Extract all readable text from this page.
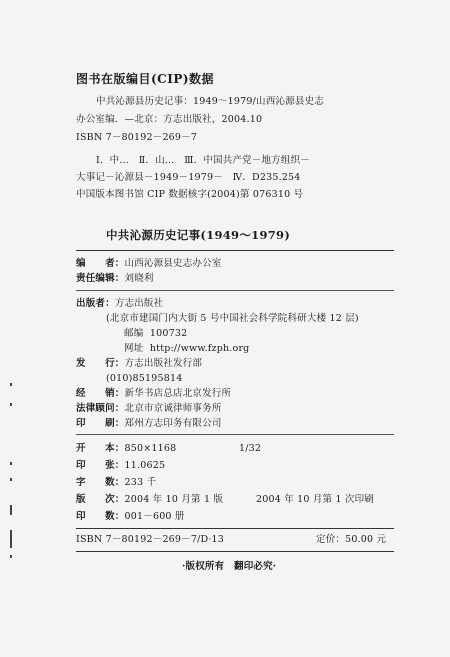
图书在版编目(CIP)数据
中共沁源县历史记事：1949～1979/山西沁源县史志
办公室编．—北京：方志出版社，2004.10
ISBN 7－80192－269－7
Ⅰ．中…　Ⅱ．山…　Ⅲ．中国共产党－地方组织－
大事记－沁源县－1949－1979－　Ⅳ．D235.254
中国版本图书馆 CIP 数据核字(2004)第 076310 号
中共沁源历史记事(1949～1979)
编　　者：山西沁源县史志办公室
责任编辑：刘晓利
出版者：方志出版社
(北京市建国门内大街 5 号中国社会科学院科研大楼 12 层)
邮编 100732
网址 http://www.fzph.org
发　　行：方志出版社发行部
(010)85195814
经　　销：新华书店总店北京发行所
法律顾问：北京市京诚律师事务所
印　　刷：郑州方志印务有限公司
开　　本：850×1168	1/32
印　　张：11.0625
字　　数：233 千
版　　次：2004 年 10 月第 1 版	2004 年 10 月第 1 次印刷
印　　数：001－600 册
ISBN 7－80192－269－7/D·13	定价：50.00 元
·版权所有　翻印必究·
